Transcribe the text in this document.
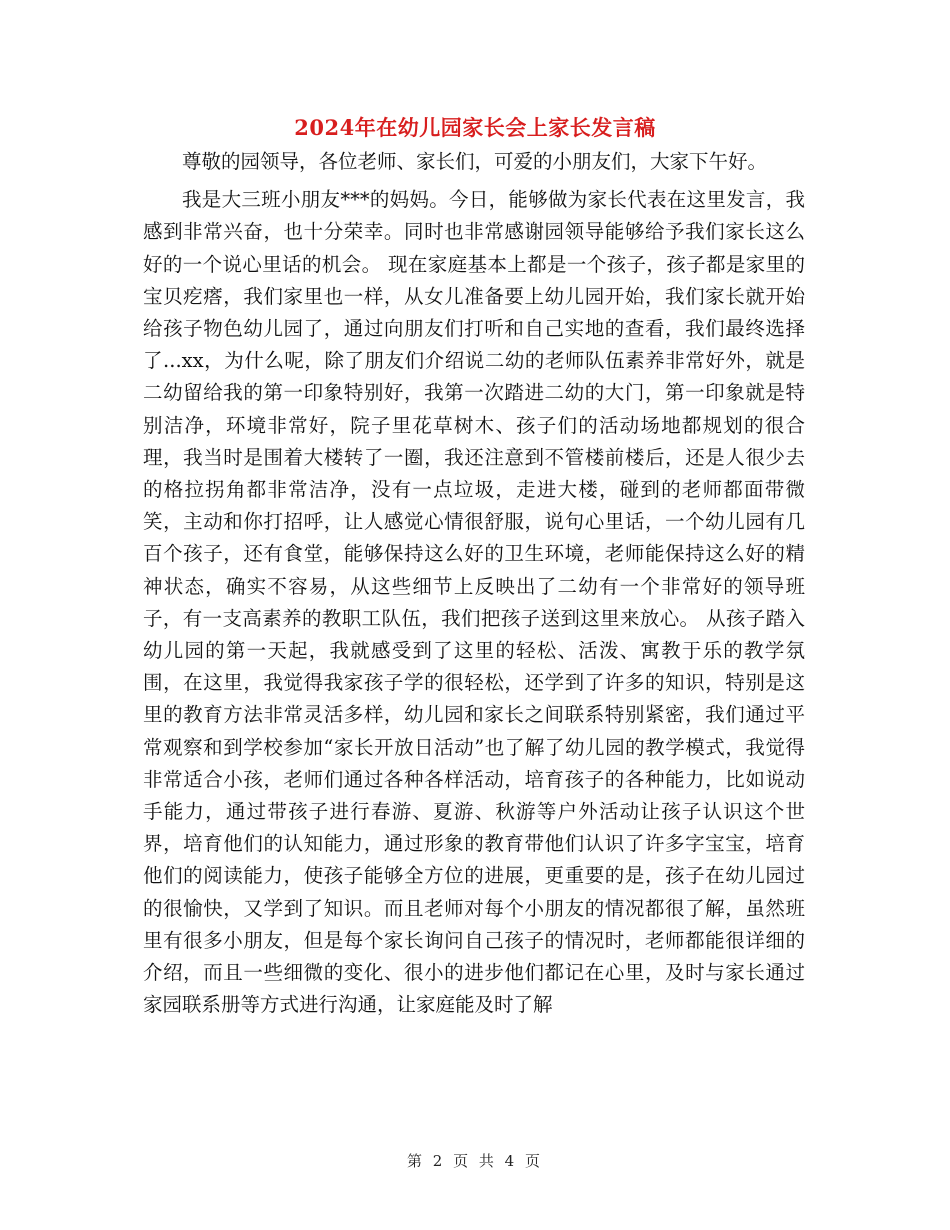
2024年在幼儿园家长会上家长发言稿

尊敬的园领导，各位老师、家长们，可爱的小朋友们，大家下午好。

我是大三班小朋友***的妈妈。今日，能够做为家长代表在这里发言，我感到非常兴奋，也十分荣幸。同时也非常感谢园领导能够给予我们家长这么好的一个说心里话的机会。 现在家庭基本上都是一个孩子，孩子都是家里的宝贝疙瘩，我们家里也一样，从女儿准备要上幼儿园开始，我们家长就开始给孩子物色幼儿园了，通过向朋友们打听和自己实地的查看，我们最终选择了...xx，为什么呢，除了朋友们介绍说二幼的老师队伍素养非常好外，就是二幼留给我的第一印象特别好，我第一次踏进二幼的大门，第一印象就是特别洁净，环境非常好，院子里花草树木、孩子们的活动场地都规划的很合理，我当时是围着大楼转了一圈，我还注意到不管楼前楼后，还是人很少去的格拉拐角都非常洁净，没有一点垃圾，走进大楼，碰到的老师都面带微笑，主动和你打招呼，让人感觉心情很舒服，说句心里话，一个幼儿园有几百个孩子，还有食堂，能够保持这么好的卫生环境，老师能保持这么好的精神状态，确实不容易，从这些细节上反映出了二幼有一个非常好的领导班子，有一支高素养的教职工队伍，我们把孩子送到这里来放心。 从孩子踏入幼儿园的第一天起，我就感受到了这里的轻松、活泼、寓教于乐的教学氛围，在这里，我觉得我家孩子学的很轻松，还学到了许多的知识，特别是这里的教育方法非常灵活多样，幼儿园和家长之间联系特别紧密，我们通过平常观察和到学校参加“家长开放日活动”也了解了幼儿园的教学模式，我觉得非常适合小孩，老师们通过各种各样活动，培育孩子的各种能力，比如说动手能力，通过带孩子进行春游、夏游、秋游等户外活动让孩子认识这个世界，培育他们的认知能力，通过形象的教育带他们认识了许多字宝宝，培育他们的阅读能力，使孩子能够全方位的进展，更重要的是，孩子在幼儿园过的很愉快，又学到了知识。而且老师对每个小朋友的情况都很了解，虽然班里有很多小朋友，但是每个家长询问自己孩子的情况时，老师都能很详细的介绍，而且一些细微的变化、很小的进步他们都记在心里，及时与家长通过家园联系册等方式进行沟通，让家庭能及时了解

第 2 页 共 4 页
